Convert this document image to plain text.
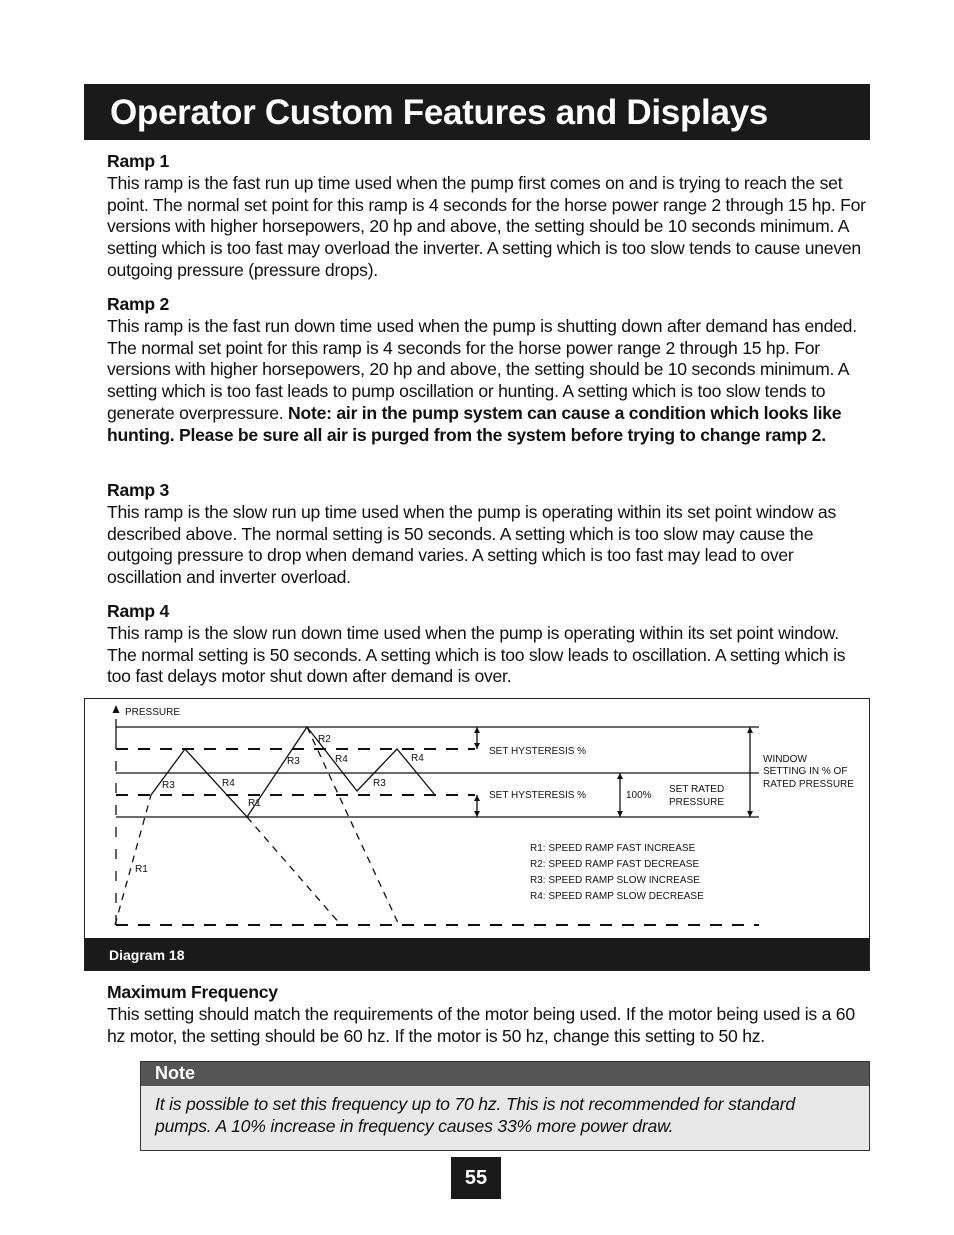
Operator Custom Features and Displays
Ramp 1

This ramp is the fast run up time used when the pump first comes on and is trying to reach the set point. The normal set point for this ramp is 4 seconds for the horse power range 2 through 15 hp. For versions with higher horsepowers, 20 hp and above, the setting should be 10 seconds minimum. A setting which is too fast may overload the inverter. A setting which is too slow tends to cause uneven outgoing pressure (pressure drops).

Ramp 2

This ramp is the fast run down time used when the pump is shutting down after demand has ended. The normal set point for this ramp is 4 seconds for the horse power range 2 through 15 hp. For versions with higher horsepowers, 20 hp and above, the setting should be 10 seconds minimum. A setting which is too fast leads to pump oscillation or hunting. A setting which is too slow tends to generate overpressure. Note: air in the pump system can cause a condition which looks like hunting. Please be sure all air is purged from the system before trying to change ramp 2.

Ramp 3

This ramp is the slow run up time used when the pump is operating within its set point window as described above. The normal setting is 50 seconds. A setting which is too slow may cause the outgoing pressure to drop when demand varies. A setting which is too fast may lead to over oscillation and inverter overload.

Ramp 4

This ramp is the slow run down time used when the pump is operating within its set point window. The normal setting is 50 seconds. A setting which is too slow leads to oscillation. A setting which is too fast delays motor shut down after demand is over.

PRESSURE
SET HYSTERESIS %
SET HYSTERESIS %	100%
SET RATED
PRESSURE
WINDOW
SETTING IN % OF
RATED PRESSURE
R2
R3	R4
R1
R3	R4
R3
R4
R1
R1: SPEED RAMP FAST INCREASE
R2: SPEED RAMP FAST DECREASE
R3: SPEED RAMP SLOW INCREASE
R4: SPEED RAMP SLOW DECREASE
Diagram 18
Maximum Frequency

This setting should match the requirements of the motor being used. If the motor being used is a 60 hz motor, the setting should be 60 hz. If the motor is 50 hz, change this setting to 50 hz.

Note

It is possible to set this frequency up to 70 hz. This is not recommended for standard pumps. A 10% increase in frequency causes 33% more power draw.

55
